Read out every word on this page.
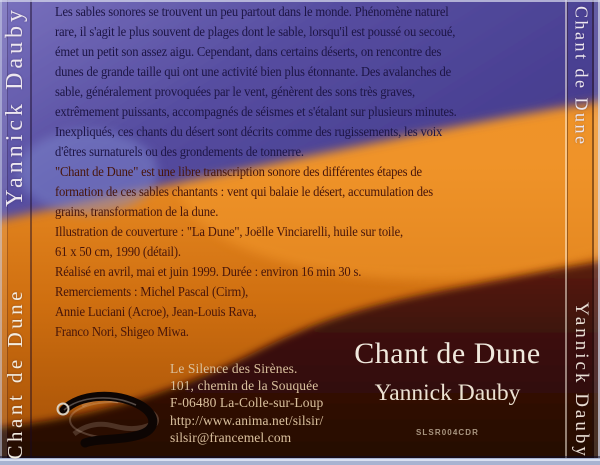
Yannick Dauby
Chant de Dune
Chant de Dune
Yannick Dauby
Les sables sonores se trouvent un peu partout dans le monde. Phénomène naturel
rare, il s'agit le plus souvent de plages dont le sable, lorsqu'il est poussé ou secoué,
émet un petit son assez aigu. Cependant, dans certains déserts, on rencontre des
dunes de grande taille qui ont une activité bien plus étonnante. Des avalanches de
sable, généralement provoquées par le vent, génèrent des sons très graves,
extrêmement puissants, accompagnés de séismes et s'étalant sur plusieurs minutes.
Inexpliqués, ces chants du désert sont décrits comme des rugissements, les voix
d'êtres surnaturels ou des grondements de tonnerre.
"Chant de Dune" est une libre transcription sonore des différentes étapes de
formation de ces sables chantants : vent qui balaie le désert, accumulation des
grains, transformation de la dune.
Illustration de couverture : "La Dune", Joëlle Vinciarelli, huile sur toile,
61 x 50 cm, 1990 (détail).
Réalisé en avril, mai et juin 1999. Durée : environ 16 min 30 s.
Remerciements : Michel Pascal (Cirm),
Annie Luciani (Acroe), Jean-Louis Rava,
Franco Nori, Shigeo Miwa.
Le Silence des Sirènes.
101, chemin de la Souquée
F-06480 La-Colle-sur-Loup
http://www.anima.net/silsir/
silsir@francemel.com
Chant de Dune
Yannick Dauby
SLSR004CDR
